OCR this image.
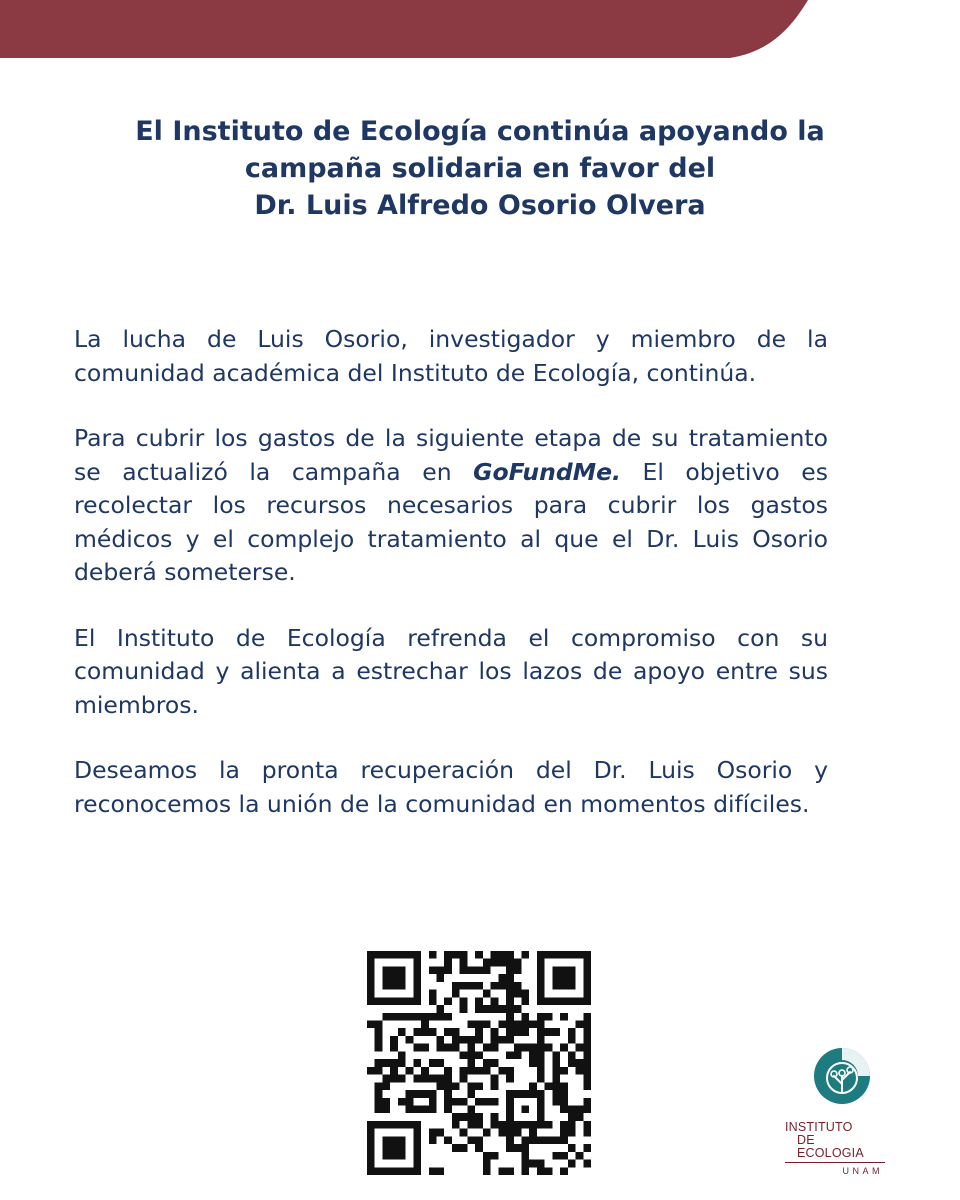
El Instituto de Ecología continúa apoyando la
campaña solidaria en favor del
Dr. Luis Alfredo Osorio Olvera

La lucha de Luis Osorio, investigador y miembro de la comunidad académica del Instituto de Ecología, continúa.

Para cubrir los gastos de la siguiente etapa de su tratamiento se actualizó la campaña en GoFundMe. El objetivo es recolectar los recursos necesarios para cubrir los gastos médicos y el complejo tratamiento al que el Dr. Luis Osorio deberá someterse.

El Instituto de Ecología refrenda el compromiso con su comunidad y alienta a estrechar los lazos de apoyo entre sus miembros.

Deseamos la pronta recuperación del Dr. Luis Osorio y reconocemos la unión de la comunidad en momentos difíciles.

INSTITUTO
DE ECOLOGIA
UNAM
